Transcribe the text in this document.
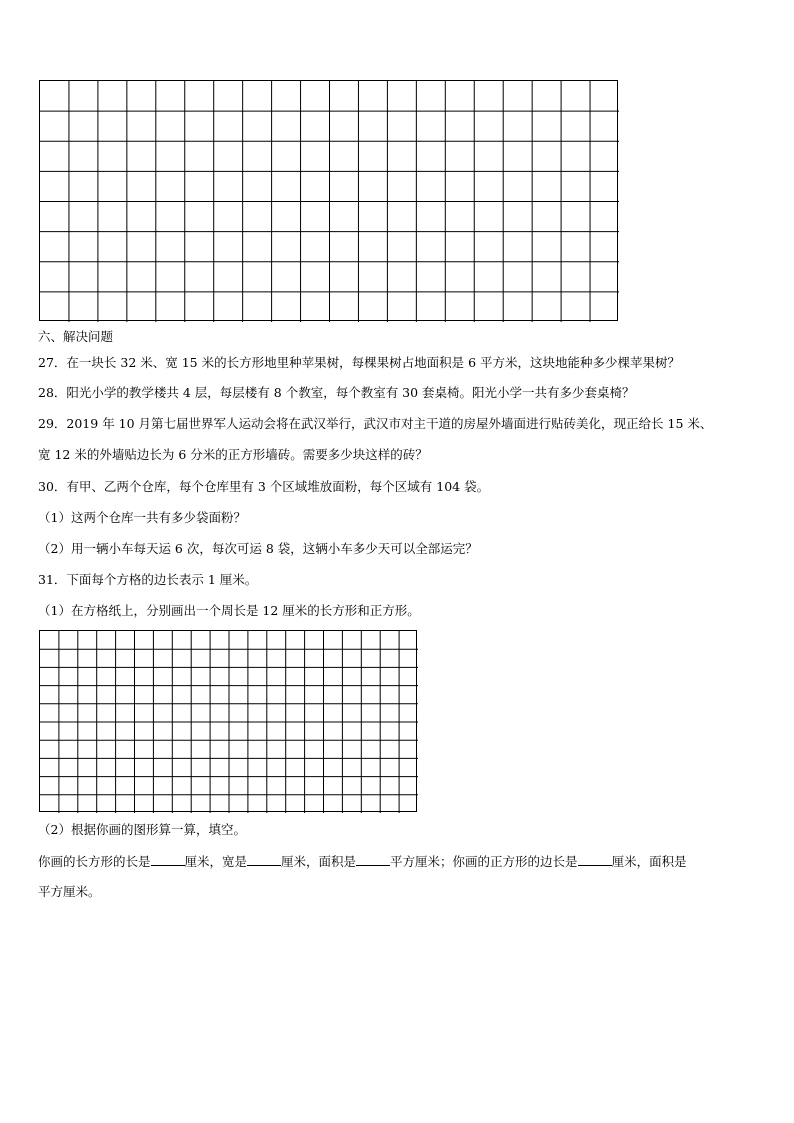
六、解决问题
27．在一块长 32 米、宽 15 米的长方形地里种苹果树，每棵果树占地面积是 6 平方米，这块地能种多少棵苹果树？
28．阳光小学的教学楼共 4 层，每层楼有 8 个教室，每个教室有 30 套桌椅。阳光小学一共有多少套桌椅？
29．2019 年 10 月第七届世界军人运动会将在武汉举行，武汉市对主干道的房屋外墙面进行贴砖美化，现正给长 15 米、
宽 12 米的外墙贴边长为 6 分米的正方形墙砖。需要多少块这样的砖？
30．有甲、乙两个仓库，每个仓库里有 3 个区域堆放面粉，每个区域有 104 袋。
（1）这两个仓库一共有多少袋面粉？
（2）用一辆小车每天运 6 次，每次可运 8 袋，这辆小车多少天可以全部运完？
31．下面每个方格的边长表示 1 厘米。
（1）在方格纸上，分别画出一个周长是 12 厘米的长方形和正方形。
（2）根据你画的图形算一算，填空。
你画的长方形的长是	厘米，宽是	厘米，面积是	平方厘米；你画的正方形的边长是	厘米，面积是
平方厘米。
